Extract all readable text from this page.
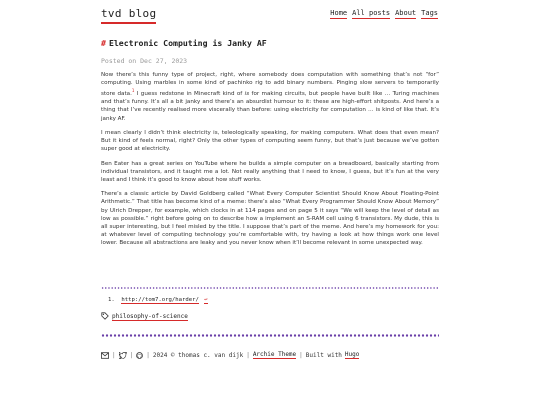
tvd blog	Home All posts About Tags
# Electronic Computing is Janky AF
Posted on Dec 27, 2023

Now there’s this funny type of project, right, where somebody does computation with something that’s not “for” computing. Using marbles in some kind of pachinko rig to add binary numbers. Pinging slow servers to temporarily store data.$^1$ I guess redstone in Minecraft kind of is for making circuits, but people have built like … Turing machines and that’s funny. It’s all a bit janky and there’s an absurdist humour to it: these are high-effort shitposts. And here’s a thing that I’ve recently realised more viscerally than before: using electricity for computation … is kind of like that. It’s janky AF.

I mean clearly I didn’t think electricity is, teleologically speaking, for making computers. What does that even mean? But it kind of feels normal, right? Only the other types of computing seem funny, but that’s just because we’ve gotten super good at electricity.

Ben Eater has a great series on YouTube where he builds a simple computer on a breadboard, basically starting from individual transistors, and it taught me a lot. Not really anything that I need to know, I guess, but it’s fun at the very least and I think it’s good to know about how stuff works.

There’s a classic article by David Goldberg called “What Every Computer Scientist Should Know About Floating-Point Arithmetic.” That title has become kind of a meme: there’s also “What Every Programmer Should Know About Memory” by Ulrich Drepper, for example, which clocks in at 114 pages and on page 5 it says “We will keep the level of detail as low as possible.” right before going on to describe how a implement an S-RAM cell using 6 transistors. My dude, this is all super interesting, but I feel misled by the title. I suppose that’s part of the meme. And here’s my homework for you: at whatever level of computing technology you’re comfortable with, try having a look at how things work one level lower. Because all abstractions are leaky and you never know when it’ll become relevant in some unexpected way.

1. http://tom7.org/harder/ ↩
philosophy-of-science
| | | 2024 © thomas c. van dijk | Archie Theme | Built with Hugo
